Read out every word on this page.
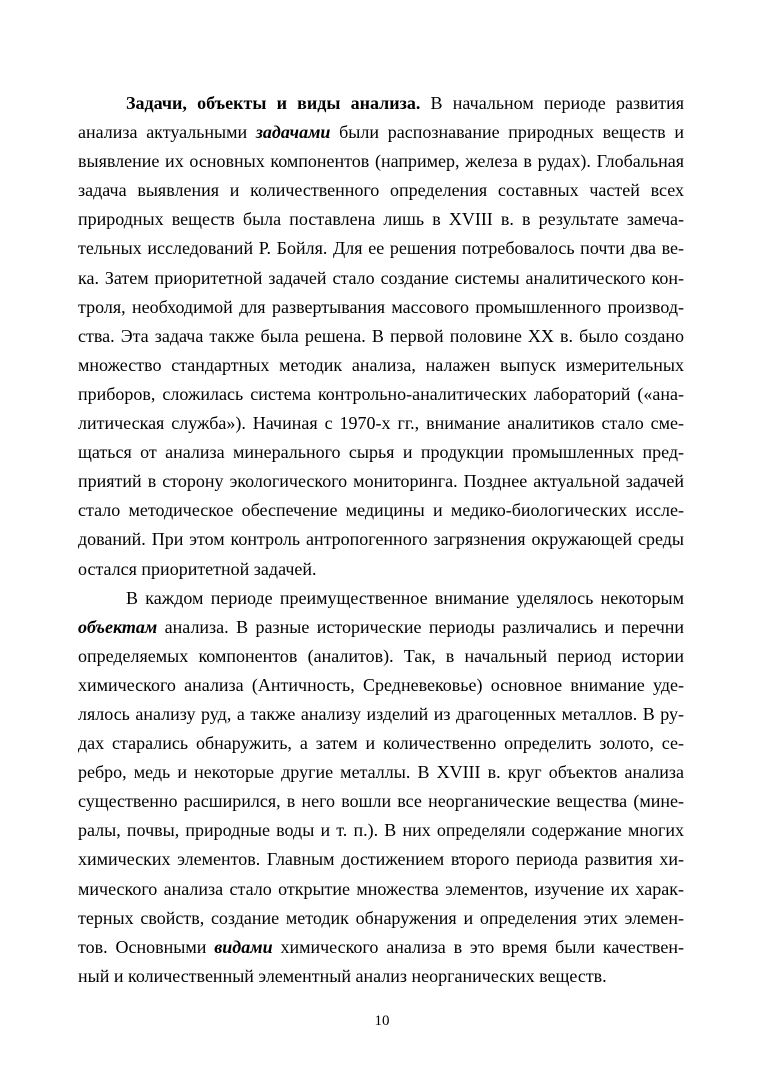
Задачи, объекты и виды анализа. В начальном периоде развития
анализа актуальными задачами были распознавание природных веществ и
выявление их основных компонентов (например, железа в рудах). Глобальная
задача выявления и количественного определения составных частей всех
природных веществ была поставлена лишь в XVIII в. в результате замеча-
тельных исследований Р. Бойля. Для ее решения потребовалось почти два ве-
ка. Затем приоритетной задачей стало создание системы аналитического кон-
троля, необходимой для развертывания массового промышленного производ-
ства. Эта задача также была решена. В первой половине XX в. было создано
множество стандартных методик анализа, налажен выпуск измерительных
приборов, сложилась система контрольно-аналитических лабораторий («ана-
литическая служба»). Начиная с 1970-х гг., внимание аналитиков стало сме-
щаться от анализа минерального сырья и продукции промышленных пред-
приятий в сторону экологического мониторинга. Позднее актуальной задачей
стало методическое обеспечение медицины и медико-биологических иссле-
дований. При этом контроль антропогенного загрязнения окружающей среды
остался приоритетной задачей.
В каждом периоде преимущественное внимание уделялось некоторым
объектам анализа. В разные исторические периоды различались и перечни
определяемых компонентов (аналитов). Так, в начальный период истории
химического анализа (Античность, Средневековье) основное внимание уде-
лялось анализу руд, а также анализу изделий из драгоценных металлов. В ру-
дах старались обнаружить, а затем и количественно определить золото, се-
ребро, медь и некоторые другие металлы. В XVIII в. круг объектов анализа
существенно расширился, в него вошли все неорганические вещества (мине-
ралы, почвы, природные воды и т. п.). В них определяли содержание многих
химических элементов. Главным достижением второго периода развития хи-
мического анализа стало открытие множества элементов, изучение их харак-
терных свойств, создание методик обнаружения и определения этих элемен-
тов. Основными видами химического анализа в это время были качествен-
ный и количественный элементный анализ неорганических веществ.
10
